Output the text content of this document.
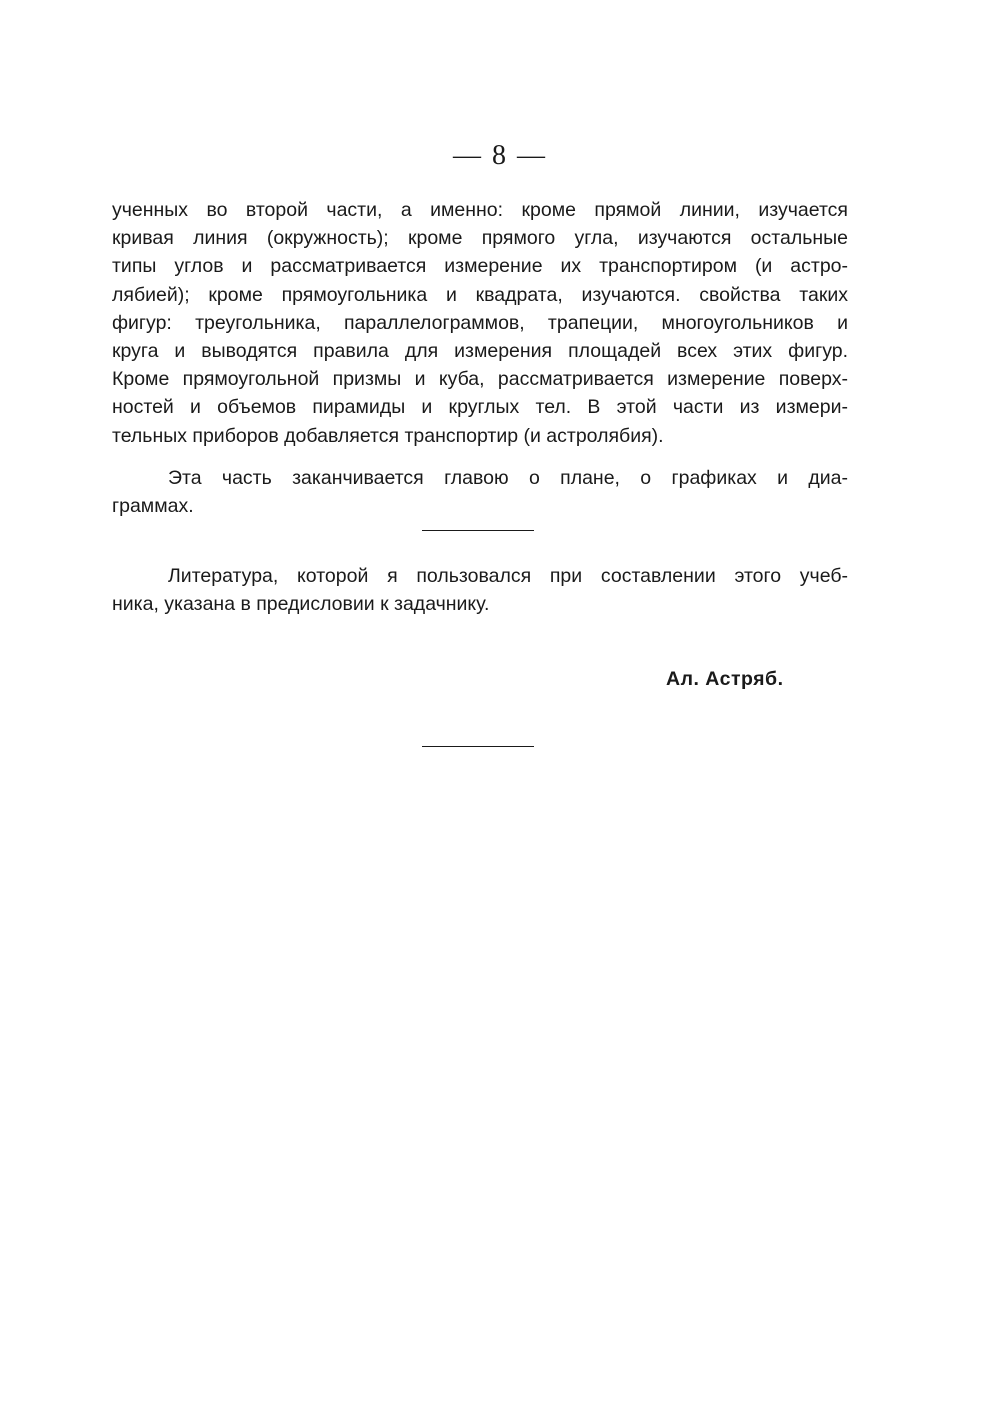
— 8 —
ученных во второй части, а именно: кроме прямой линии, изучается
кривая линия (окружность); кроме прямого угла, изучаются остальные
типы углов и рассматривается измерение их транспортиром (и астро-
лябией); кроме прямоугольника и квадрата, изучаются. свойства таких
фигур: треугольника, параллелограммов, трапеции, многоугольников и
круга и выводятся правила для измерения площадей всех этих фигур.
Кроме прямоугольной призмы и куба, рассматривается измерение поверх-
ностей и объемов пирамиды и круглых тел. В этой части из измери-
тельных приборов добавляется транспортир (и астролябия).
Эта часть заканчивается главою о плане, о графиках и диа-
граммах.
Литература, которой я пользовался при составлении этого учеб-
ника, указана в предисловии к задачнику.
Ал. Астряб.
